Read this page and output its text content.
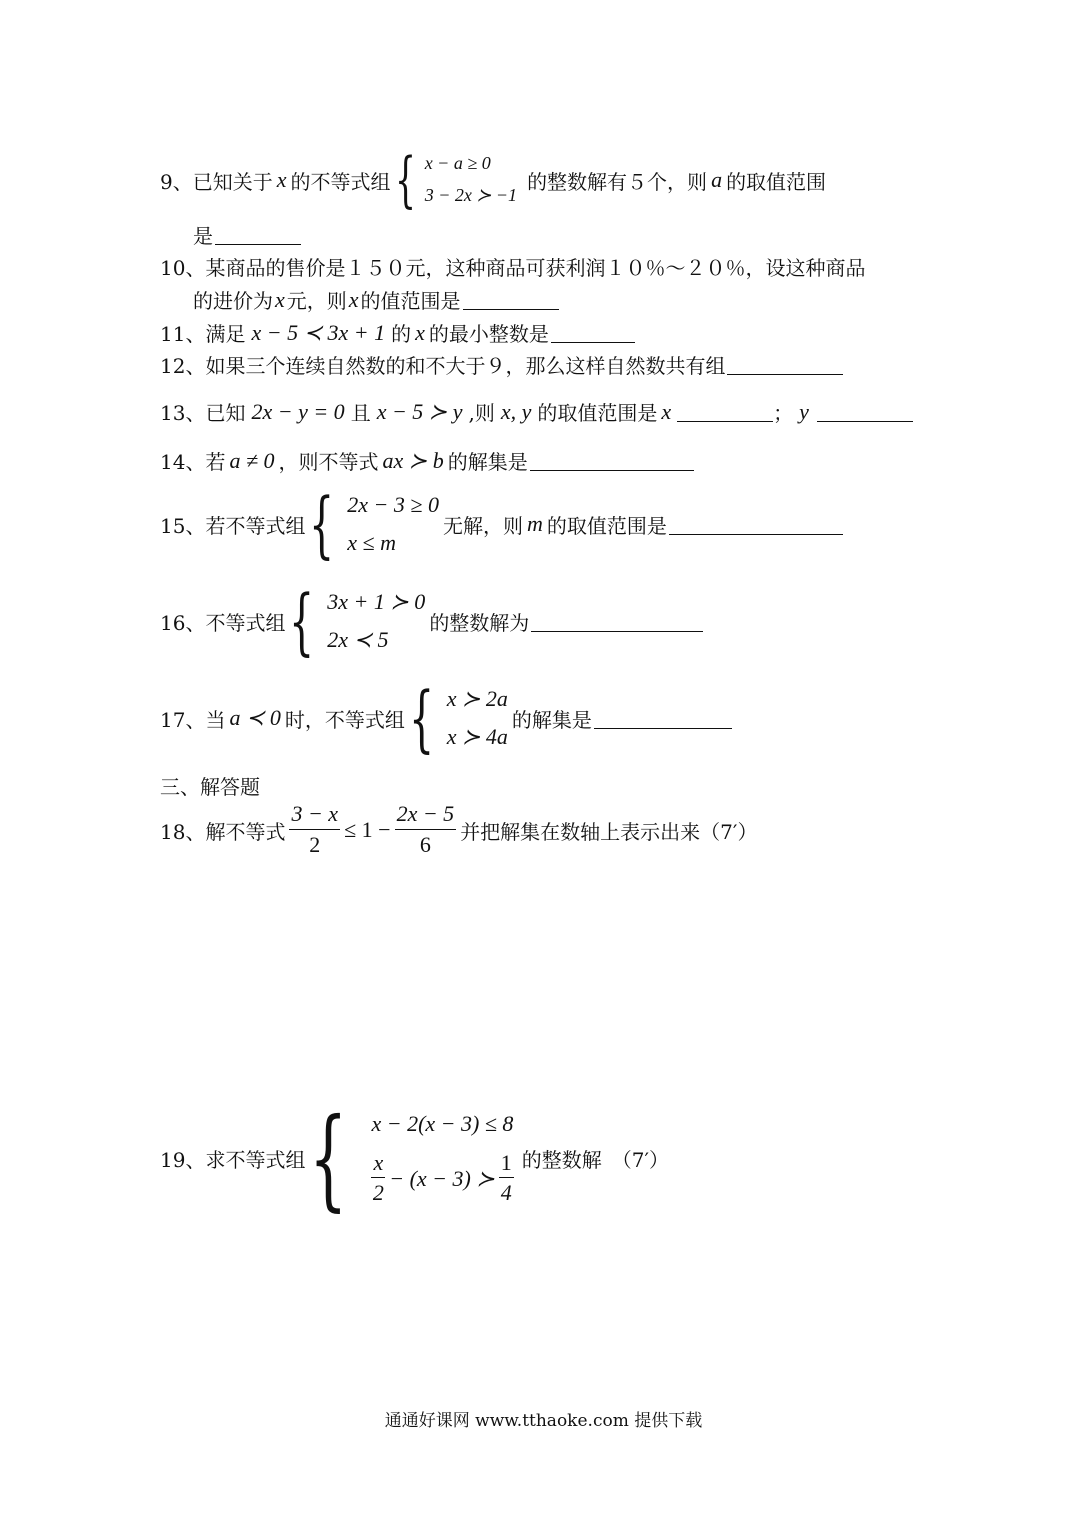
9、 已知关于 x 的不等式组 { x − a ≥ 0
3 − 2x ≻ −1
的整数解有５个，则 a 的取值范围
是
10、 某商品的售价是１５０元，这种商品可获利润１０％～２０％，设这种商品
的进价为 x 元，则 x 的值范围是
11、 满足 x − 5 ≺ 3x + 1 的 x 的最小整数是
12、 如果三个连续自然数的和不大于９，那么这样自然数共有组
13、 已知 2x − y = 0 且 x − 5 ≻ y ,则 x, y 的取值范围是 x	； y
14、 若 a ≠ 0 ，则不等式 ax ≻ b 的解集是
15、 若不等式组 { 2x − 3 ≥ 0
x ≤ m
无解，则 m 的取值范围是
16、 不等式组 { 3x + 1 ≻ 0
2x ≺ 5
的整数解为
17、 当 a ≺ 0 时，不等式组 { x ≻ 2a
x ≻ 4a
的解集是
三、解答题
18、 解不等式 $\frac{3 - x}{2} \le 1 - \frac{2x - 5}{6}$ 并把解集在数轴上表示出来（7′）
19、 求不等式组 { x − 2(x − 3) ≤ 8
$\frac{x}{2} - (x - 3)$ ≻ $\frac{1}{4}$ 的整数解　（7′）
通通好课网 www.tthaoke.com 提供下载
